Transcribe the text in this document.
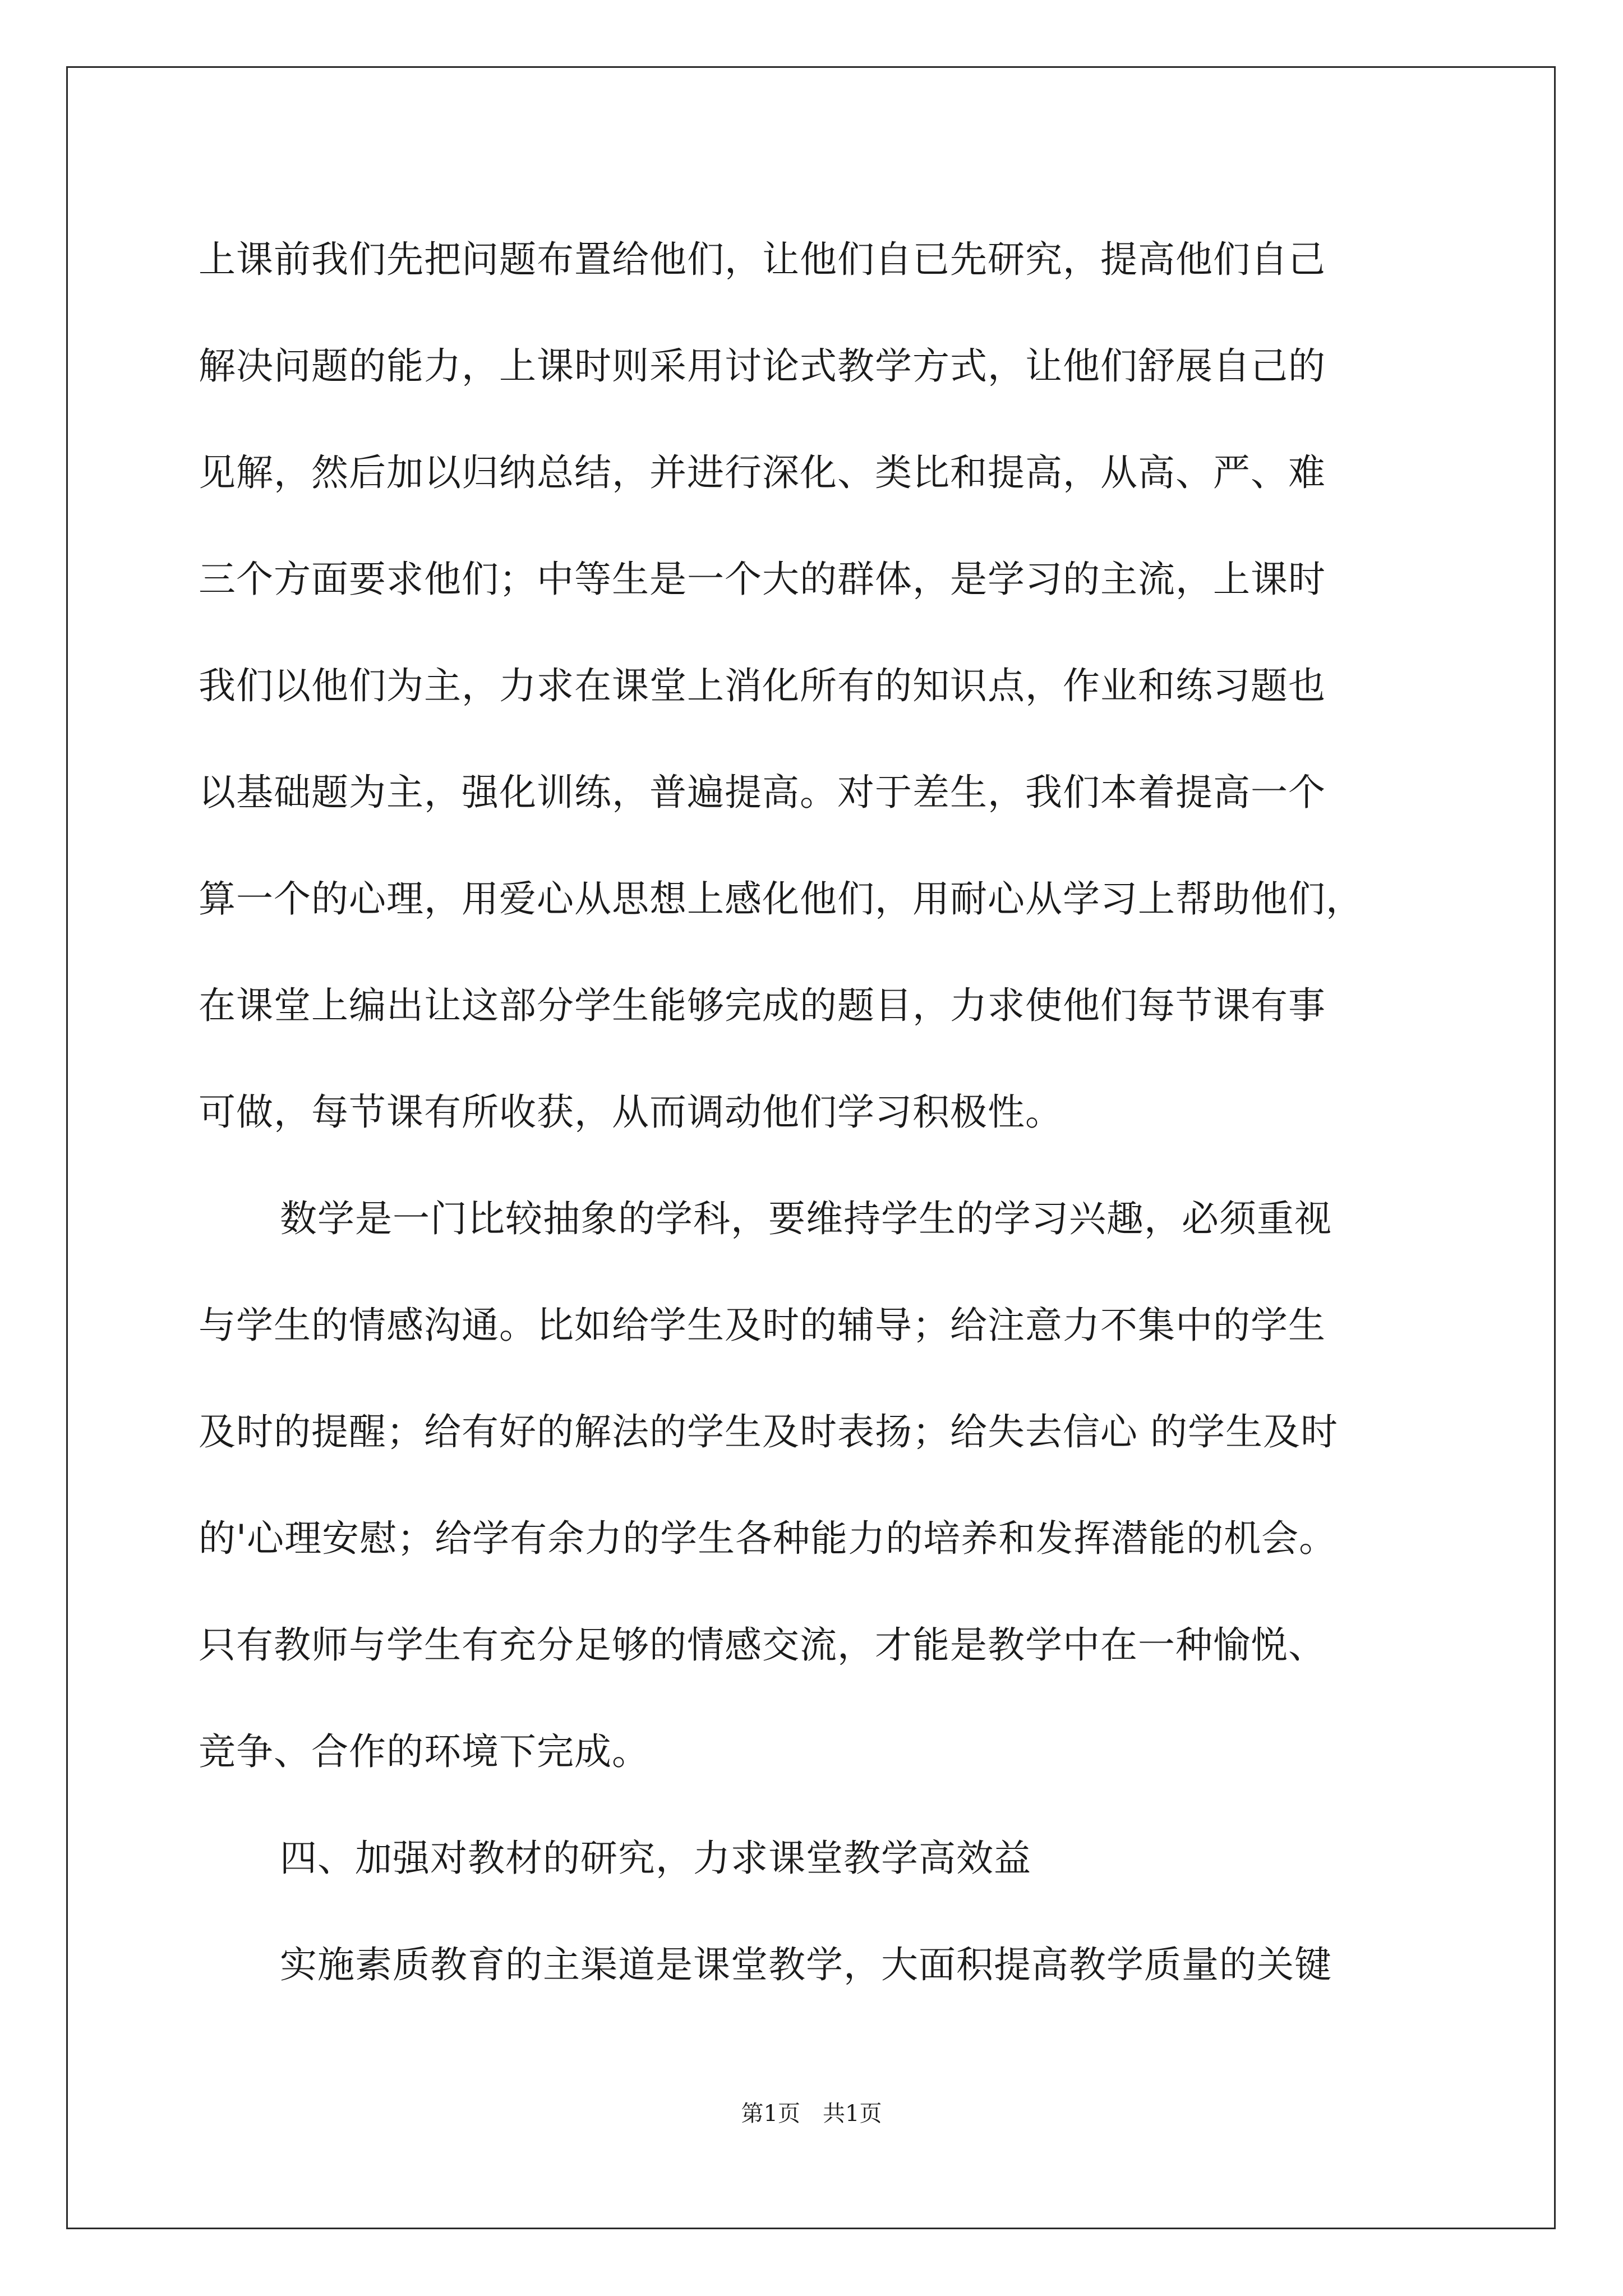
上课前我们先把问题布置给他们，让他们自已先研究，提高他们自己
解决问题的能力，上课时则采用讨论式教学方式，让他们舒展自己的
见解，然后加以归纳总结，并进行深化、类比和提高，从高、严、难
三个方面要求他们；中等生是一个大的群体，是学习的主流，上课时
我们以他们为主，力求在课堂上消化所有的知识点，作业和练习题也
以基础题为主，强化训练，普遍提高。对于差生，我们本着提高一个
算一个的心理，用爱心从思想上感化他们，用耐心从学习上帮助他们，
在课堂上编出让这部分学生能够完成的题目，力求使他们每节课有事
可做，每节课有所收获，从而调动他们学习积极性。
数学是一门比较抽象的学科，要维持学生的学习兴趣，必须重视
与学生的情感沟通。比如给学生及时的辅导；给注意力不集中的学生
及时的提醒；给有好的解法的学生及时表扬；给失去信心 的学生及时
的'心理安慰；给学有余力的学生各种能力的培养和发挥潜能的机会。
只有教师与学生有充分足够的情感交流，才能是教学中在一种愉悦、
竞争、合作的环境下完成。
四、加强对教材的研究，力求课堂教学高效益
实施素质教育的主渠道是课堂教学，大面积提高教学质量的关键
第1页　共1页
